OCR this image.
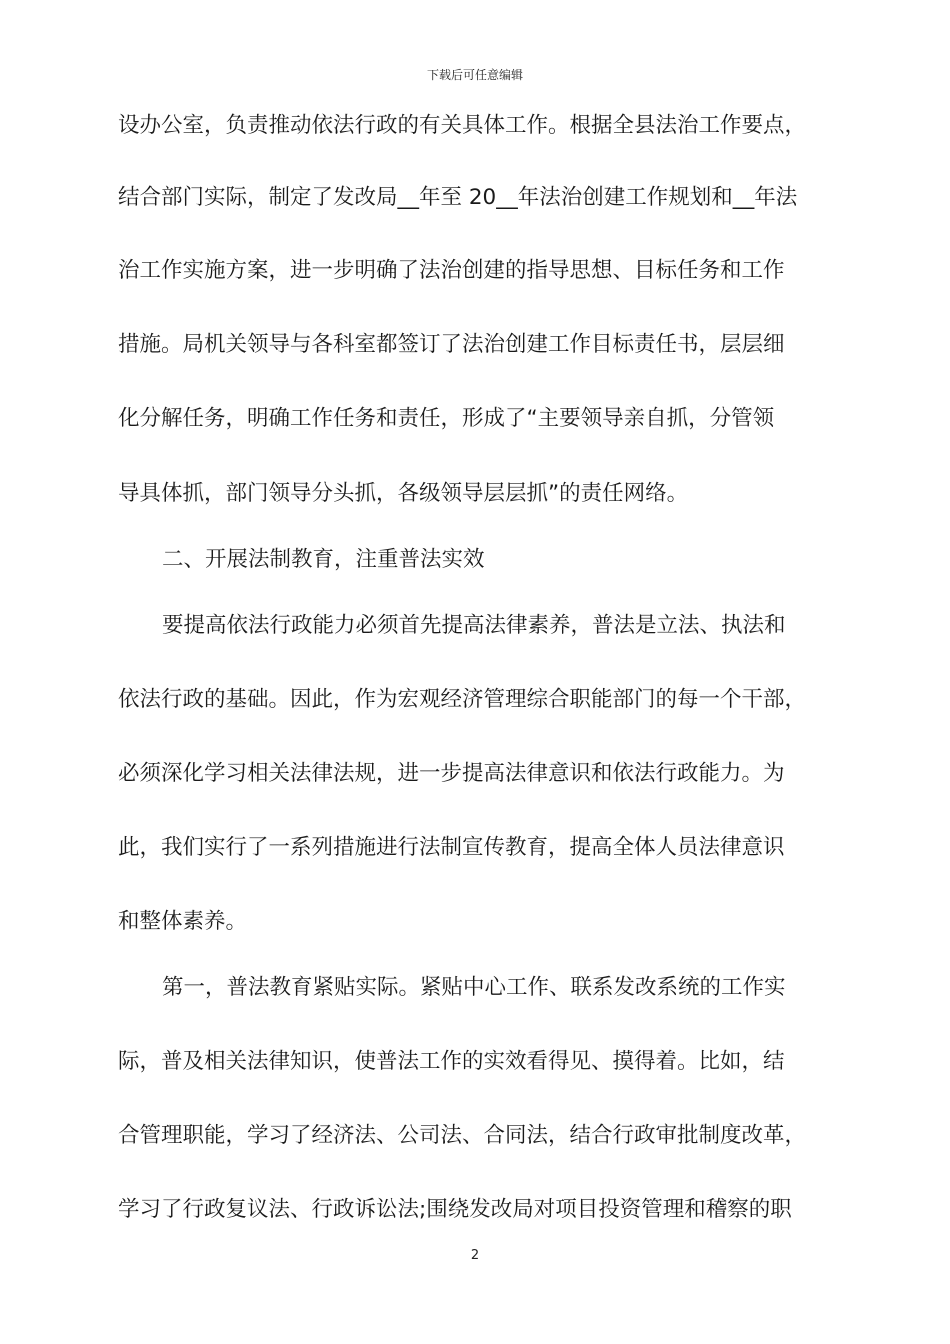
下载后可任意编辑
设办公室，负责推动依法行政的有关具体工作。根据全县法治工作要点，
结合部门实际，制定了发改局__年至 20__年法治创建工作规划和__年法
治工作实施方案，进一步明确了法治创建的指导思想、目标任务和工作
措施。局机关领导与各科室都签订了法治创建工作目标责任书，层层细
化分解任务，明确工作任务和责任，形成了“主要领导亲自抓，分管领
导具体抓，部门领导分头抓，各级领导层层抓”的责任网络。
二、开展法制教育，注重普法实效
要提高依法行政能力必须首先提高法律素养，普法是立法、执法和
依法行政的基础。因此，作为宏观经济管理综合职能部门的每一个干部，
必须深化学习相关法律法规，进一步提高法律意识和依法行政能力。为
此，我们实行了一系列措施进行法制宣传教育，提高全体人员法律意识
和整体素养。
第一，普法教育紧贴实际。紧贴中心工作、联系发改系统的工作实
际，普及相关法律知识，使普法工作的实效看得见、摸得着。比如，结
合管理职能，学习了经济法、公司法、合同法，结合行政审批制度改革，
学习了行政复议法、行政诉讼法;围绕发改局对项目投资管理和稽察的职
2
